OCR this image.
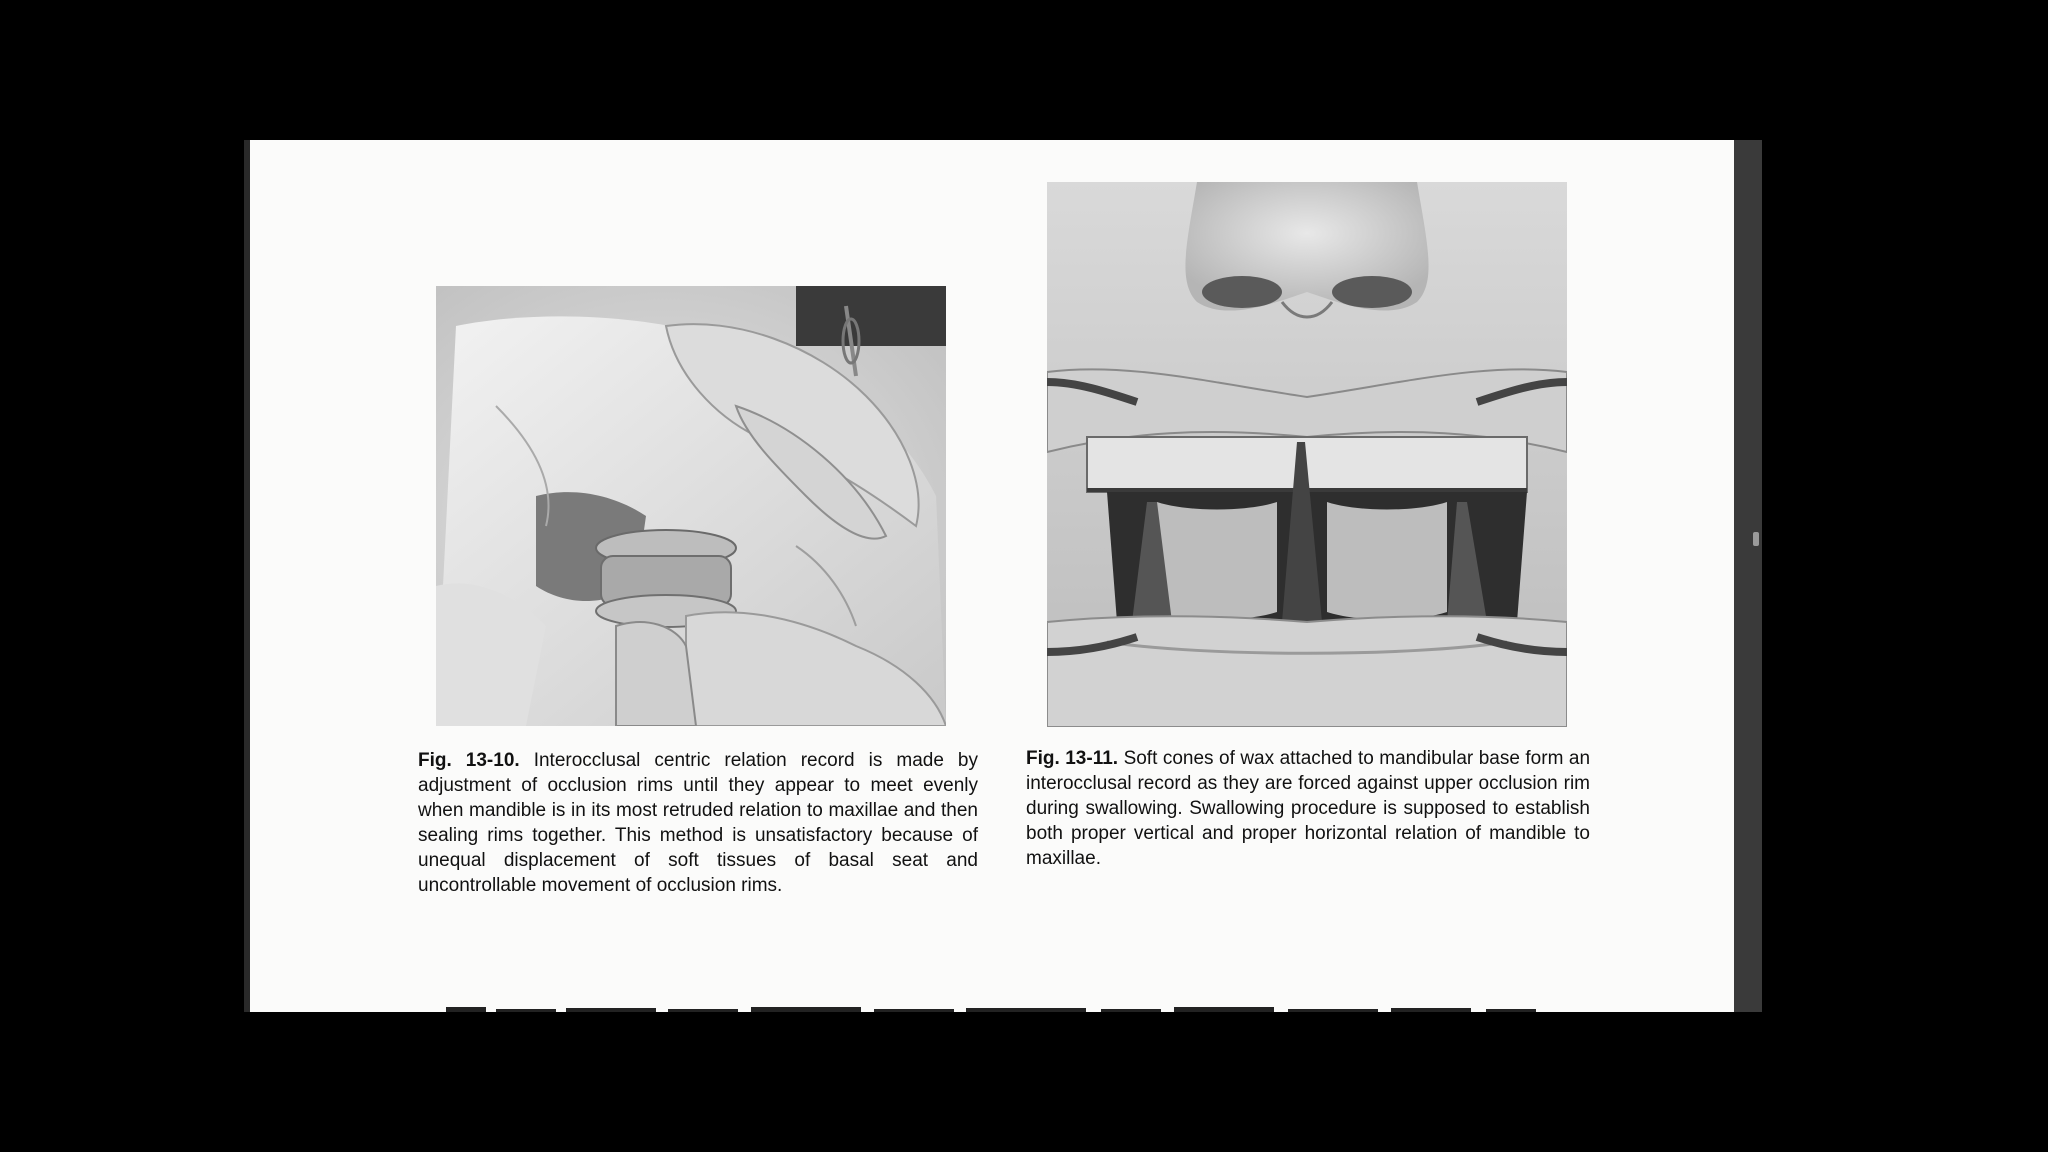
Fig. 13-10. Interocclusal centric relation record is made by adjustment of occlusion rims until they appear to meet evenly when mandible is in its most retruded relation to maxillae and then sealing rims together. This method is unsatisfactory because of unequal displacement of soft tissues of basal seat and uncontrollable movement of occlusion rims.
Fig. 13-11. Soft cones of wax attached to mandibular base form an interocclusal record as they are forced against upper occlusion rim during swallowing. Swallowing procedure is supposed to establish both proper vertical and proper horizontal relation of mandible to maxillae.
